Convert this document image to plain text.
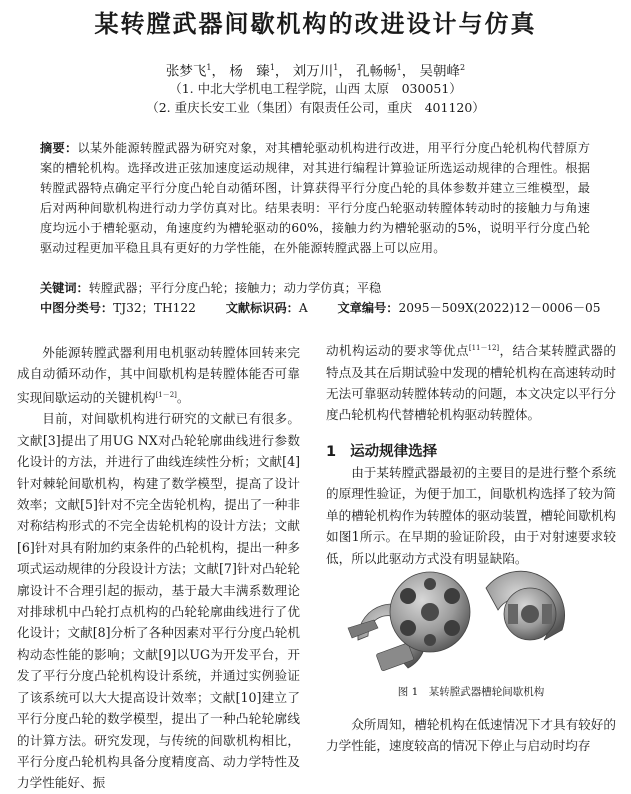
某转膛武器间歇机构的改进设计与仿真
张梦飞$^1$， 杨　臻$^1$， 刘万川$^1$， 孔畅畅$^1$， 吴朝峰$^2$
（1. 中北大学机电工程学院，山西 太原　030051）
（2. 重庆长安工业（集团）有限责任公司，重庆　401120）
摘要：以某外能源转膛武器为研究对象，对其槽轮驱动机构进行改进，用平行分度凸轮机构代替原方案的槽轮机构。选择改进正弦加速度运动规律，对其进行编程计算验证所选运动规律的合理性。根据转膛武器特点确定平行分度凸轮自动循环图，计算获得平行分度凸轮的具体参数并建立三维模型，最后对两种间歇机构进行动力学仿真对比。结果表明：平行分度凸轮驱动转膛体转动时的接触力与角速度均远小于槽轮驱动，角速度约为槽轮驱动的60%，接触力约为槽轮驱动的5%，说明平行分度凸轮驱动过程更加平稳且具有更好的力学性能，在外能源转膛武器上可以应用。
关键词：转膛武器；平行分度凸轮；接触力；动力学仿真；平稳
中图分类号：TJ32；TH122 文献标识码：A 文章编号：2095－509X(2022)12－0006－05

外能源转膛武器利用电机驱动转膛体回转来完成自动循环动作，其中间歇机构是转膛体能否可靠实现间歇运动的关键机构[1－2]。

目前，对间歇机构进行研究的文献已有很多。文献[3]提出了用UG NX对凸轮轮廓曲线进行参数化设计的方法，并进行了曲线连续性分析；文献[4]针对棘轮间歇机构，构建了数学模型，提高了设计效率；文献[5]针对不完全齿轮机构，提出了一种非对称结构形式的不完全齿轮机构的设计方法；文献[6]针对具有附加约束条件的凸轮机构，提出一种多项式运动规律的分段设计方法；文献[7]针对凸轮轮廓设计不合理引起的振动，基于最大丰满系数理论对排球机中凸轮打点机构的凸轮轮廓曲线进行了优化设计；文献[8]分析了各种因素对平行分度凸轮机构动态性能的影响；文献[9]以UG为开发平台，开发了平行分度凸轮机构设计系统，并通过实例验证了该系统可以大大提高设计效率；文献[10]建立了平行分度凸轮的数学模型，提出了一种凸轮轮廓线的计算方法。研究发现，与传统的间歇机构相比，平行分度凸轮机构具备分度精度高、动力学特性及力学性能好、振

动机构运动的要求等优点[11－12]，结合某转膛武器的特点及其在后期试验中发现的槽轮机构在高速转动时无法可靠驱动转膛体转动的问题，本文决定以平行分度凸轮机构代替槽轮机构驱动转膛体。

1 运动规律选择

由于某转膛武器最初的主要目的是进行整个系统的原理性验证，为便于加工，间歇机构选择了较为简单的槽轮机构作为转膛体的驱动装置，槽轮间歇机构如图1所示。在早期的验证阶段，由于对射速要求较低，所以此驱动方式没有明显缺陷。

图 1　某转膛武器槽轮间歇机构

众所周知，槽轮机构在低速情况下才具有较好的力学性能，速度较高的情况下停止与启动时均存
